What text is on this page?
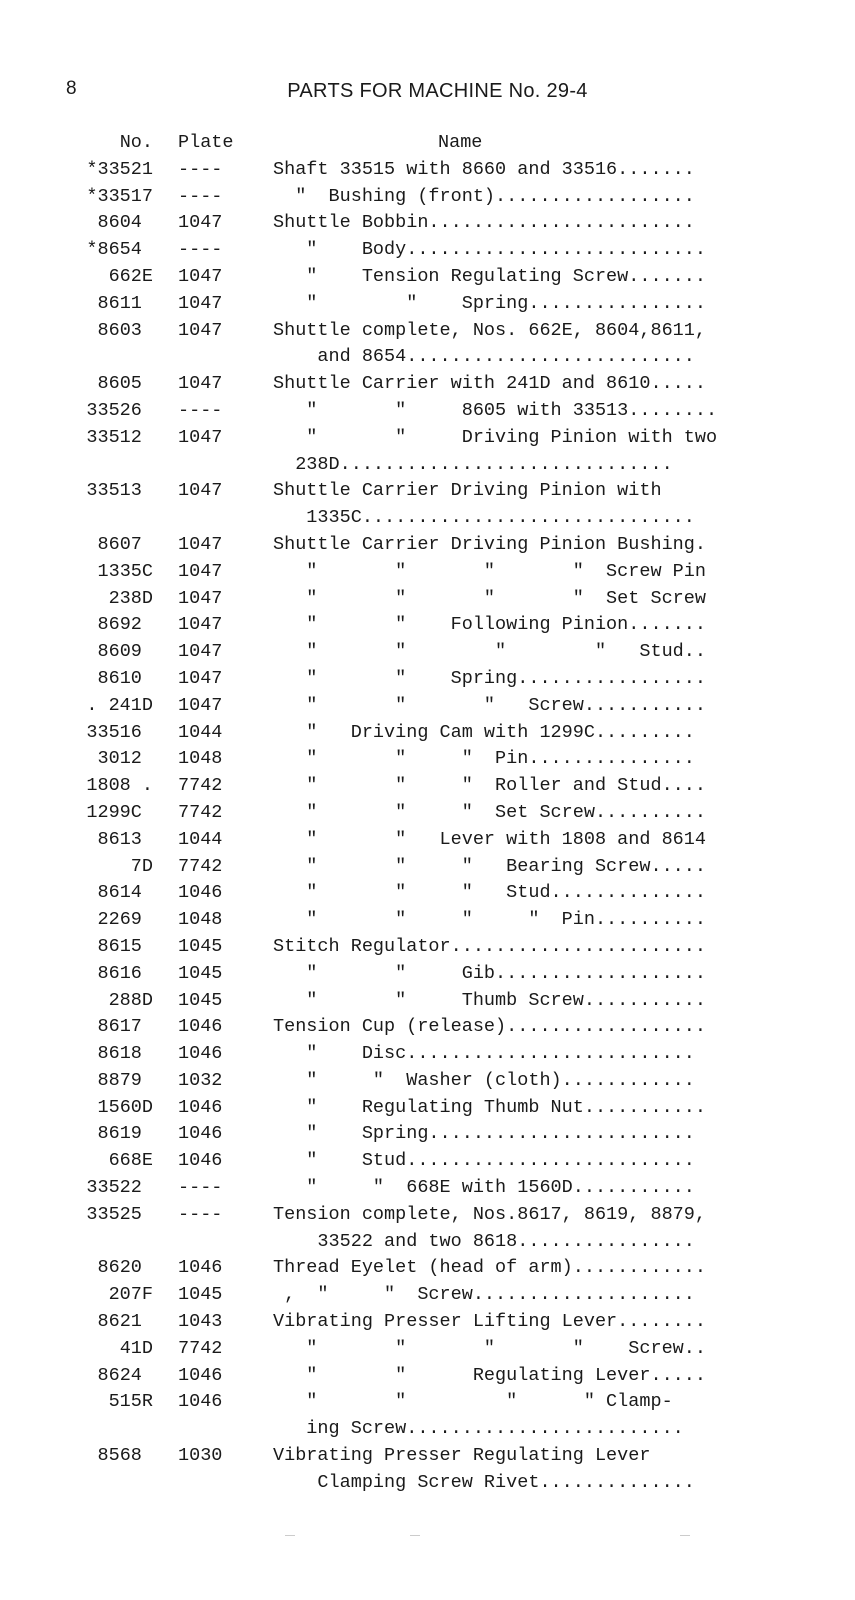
8	PARTS FOR MACHINE No. 29-4
No.	Plate	Name
*33521	----	Shaft 33515 with 8660 and 33516.......
*33517	----	"  Bushing (front)..................
8604	1047	Shuttle Bobbin........................
*8654	----	"    Body...........................
662E	1047	"    Tension Regulating Screw.......
8611	1047	"        "    Spring................
8603	1047	Shuttle complete, Nos. 662E, 8604,8611,
and 8654..........................
8605	1047	Shuttle Carrier with 241D and 8610.....
33526	----	"       "     8605 with 33513........
33512	1047	"       "     Driving Pinion with two
238D..............................
33513	1047	Shuttle Carrier Driving Pinion with
1335C..............................
8607	1047	Shuttle Carrier Driving Pinion Bushing.
1335C	1047	"       "       "       "  Screw Pin
238D	1047	"       "       "       "  Set Screw
8692	1047	"       "    Following Pinion.......
8609	1047	"       "        "        "   Stud..
8610	1047	"       "    Spring.................
. 241D	1047	"       "       "   Screw...........
33516	1044	"   Driving Cam with 1299C.........
3012	1048	"       "     "  Pin...............
1808 .	7742	"       "     "  Roller and Stud....
1299C	7742	"       "     "  Set Screw..........
8613	1044	"       "   Lever with 1808 and 8614
7D	7742	"       "     "   Bearing Screw.....
8614	1046	"       "     "   Stud..............
2269	1048	"       "     "     "  Pin..........
8615	1045	Stitch Regulator.......................
8616	1045	"       "     Gib...................
288D	1045	"       "     Thumb Screw...........
8617	1046	Tension Cup (release)..................
8618	1046	"    Disc..........................
8879	1032	"     "  Washer (cloth)............
1560D	1046	"    Regulating Thumb Nut...........
8619	1046	"    Spring........................
668E	1046	"    Stud..........................
33522	----	"     "  668E with 1560D...........
33525	----	Tension complete, Nos.8617, 8619, 8879,
33522 and two 8618................
8620	1046	Thread Eyelet (head of arm)............
207F	1045	,  "     "  Screw....................
8621	1043	Vibrating Presser Lifting Lever........
41D	7742	"       "       "       "    Screw..
8624	1046	"       "      Regulating Lever.....
515R	1046	"       "         "      " Clamp-
ing Screw.........................
8568	1030	Vibrating Presser Regulating Lever
Clamping Screw Rivet..............
